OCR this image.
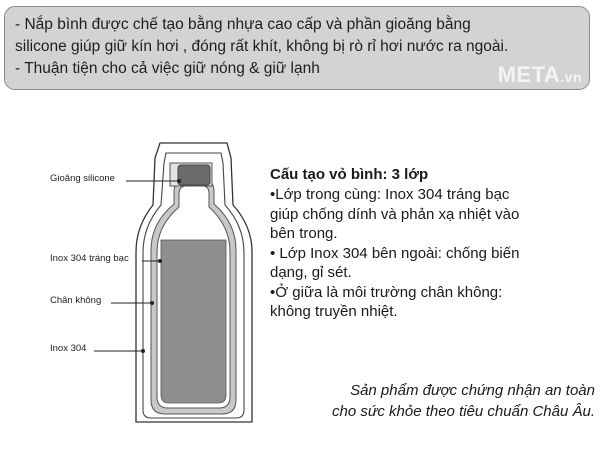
- Nắp bình được chế tạo bằng nhựa cao cấp và phần gioăng bằng
silicone giúp giữ kín hơi , đóng rất khít, không bị rò rỉ hơi nước ra ngoài.
- Thuận tiện cho cả việc giữ nóng & giữ lạnh	META.vn
Gioăng silicone
Inox 304 tráng bạc
Chân không
Inox 304
Cấu tạo vỏ bình: 3 lớp
•Lớp trong cùng: Inox 304 tráng bạc
giúp chống dính và phản xạ nhiệt vào
bên trong.
• Lớp Inox 304 bên ngoài: chống biến
dạng, gỉ sét.
•Ở giữa là môi trường chân không:
không truyền nhiệt.
Sản phẩm được chứng nhận an toàn
cho sức khỏe theo tiêu chuẩn Châu Âu.
